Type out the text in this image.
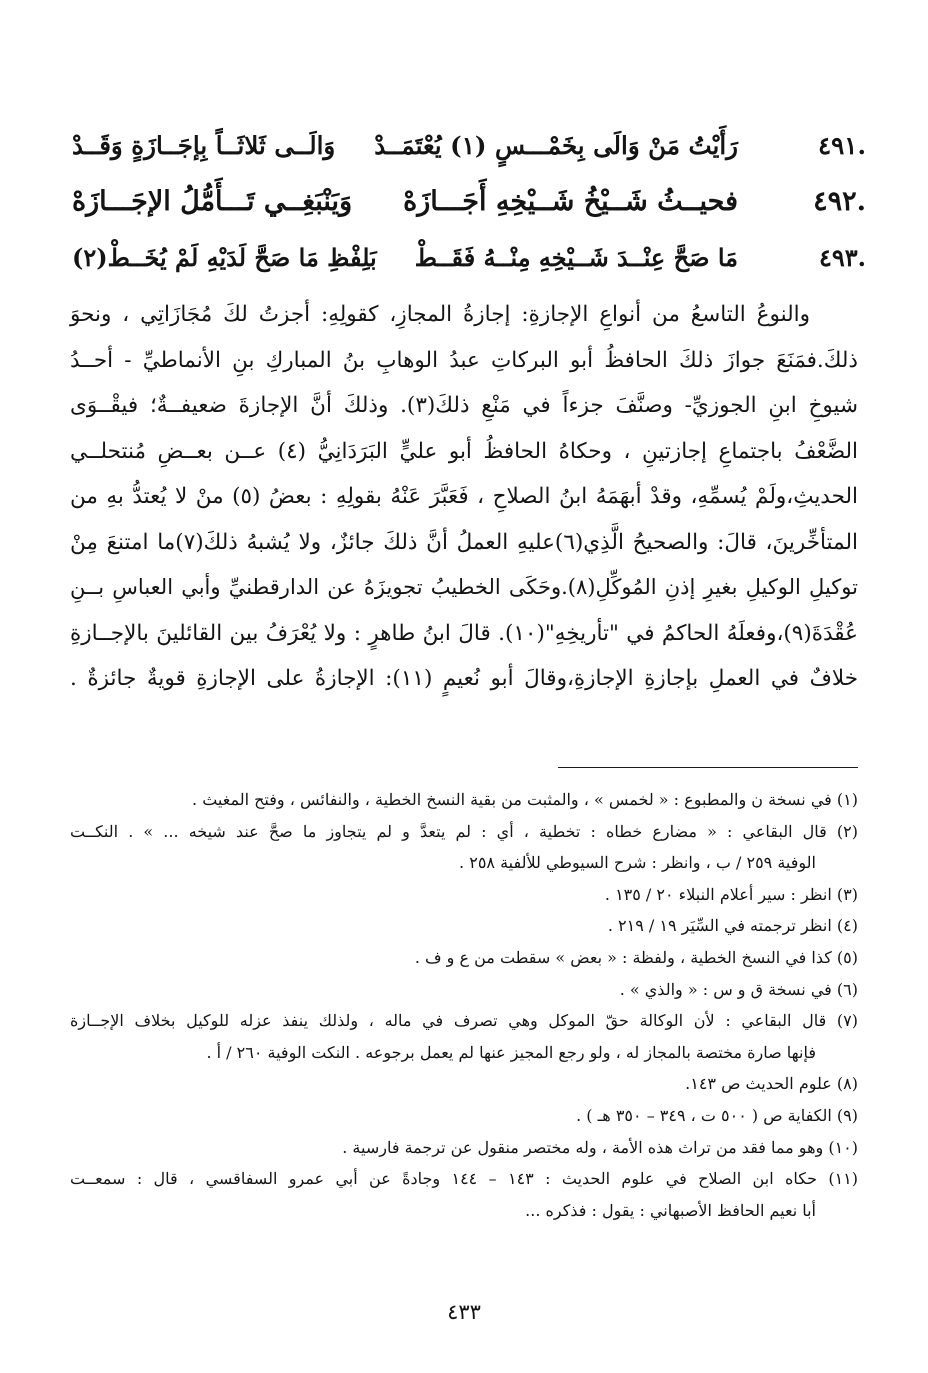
٤٩١.
وَالَــى ثَلاثَــاً بِإجَــازَةٍ وَقَــدْ رَأَيْتُ مَنْ وَالَى بِخَمْـــسٍ (١) يُعْتَمَــدْ
٤٩٢.
وَيَنْبَغِــي تَـــأَمُّلُ الإجَـــازَهْ فحيــثُ شَــيْخُ شَــيْخِهِ أَجَـــازَهْ
٤٩٣.
بَلِفْظِ مَا صَحَّ لَدَيْهِ لَمْ يُخَــطْ(٢) مَا صَحَّ عِنْــدَ شَــيْخِهِ مِنْــهُ فَقَــطْ
والنوعُ التاسعُ من أنواعِ الإجازةِ: إجازةُ المجازِ، كقولِهِ: أجزتُ لكَ مُجَازَاتِي ، ونحوَ
ذلكَ.فمَنَعَ جوازَ ذلكَ الحافظُ أبو البركاتِ عبدُ الوهابِ بنُ المباركِ بنِ الأنماطيِّ - أحــدُ
شيوخِ ابنِ الجوزيِّ- وصنَّفَ جزءاً في مَنْعِ ذلكَ(٣). وذلكَ أنَّ الإجازةَ ضعيفــةٌ؛ فيقْــوَى
الضَّعْفُ باجتماعِ إجازتينِ ، وحكاهُ الحافظُ أبو عليٍّ البَرَدَانِيُّ (٤) عــن بعــضِ مُنتحلــي
الحديثِ،ولَمْ يُسمِّهِ، وقدْ أبهَمَهُ ابنُ الصلاحِ ، فَعَبَّرَ عَنْهُ بقولِهِ : بعضُ (٥) منْ لا يُعتدُّ بهِ من
المتأخِّرينَ، قالَ: والصحيحُ الَّذِي(٦)عليهِ العملُ أنَّ ذلكَ جائزٌ، ولا يُشبهُ ذلكَ(٧)ما امتنعَ مِنْ
توكيلِ الوكيلِ بغيرِ إذنِ المُوكِّلِ(٨).وحَكَى الخطيبُ تجويزَهُ عن الدارقطنيِّ وأبي العباسِ بــنِ
عُقْدَةَ(٩)،وفعلَهُ الحاكمُ في "تأريخِهِ"(١٠). قالَ ابنُ طاهرٍ : ولا يُعْرَفُ بين القائلينَ بالإجــازةِ
خلافٌ في العملِ بإجازةِ الإجازةِ،وقالَ أبو نُعيمٍ (١١): الإجازةُ على الإجازةِ قويةٌ جائزةٌ .
(١) في نسخة ن والمطبوع : « لخمس » ، والمثبت من بقية النسخ الخطية ، والنفائس ، وفتح المغيث .
(٢) قال البقاعي : « مضارع خطاه : تخطية ، أي : لم يتعدَّ و لم يتجاوز ما صحَّ عند شيخه ... » . النكــت
الوفية ٢٥٩ / ب ، وانظر : شرح السيوطي للألفية ٢٥٨ .
(٣) انظر : سير أعلام النبلاء ٢٠ / ١٣٥ .
(٤) انظر ترجمته في السِّيَر ١٩ / ٢١٩ .
(٥) كذا في النسخ الخطية ، ولفظة : « بعض » سقطت من ع و ف .
(٦) في نسخة ق و س : « والذي » .
(٧) قال البقاعي : لأن الوكالة حقّ الموكل وهي تصرف في ماله ، ولذلك ينفذ عزله للوكيل بخلاف الإجــازة
فإنها صارة مختصة بالمجاز له ، ولو رجع المجيز عنها لم يعمل برجوعه . النكت الوفية ٢٦٠ / أ .
(٨) علوم الحديث ص ١٤٣.
(٩) الكفاية ص ( ٥٠٠ ت ، ٣٤٩ – ٣٥٠ هـ ) .
(١٠) وهو مما فقد من تراث هذه الأمة ، وله مختصر منقول عن ترجمة فارسية .
(١١) حكاه ابن الصلاح في علوم الحديث : ١٤٣ – ١٤٤ وجادةً عن أبي عمرو السفاقسي ، قال : سمعــت
أبا نعيم الحافظ الأصبهاني : يقول : فذكره ...
٤٣٣
